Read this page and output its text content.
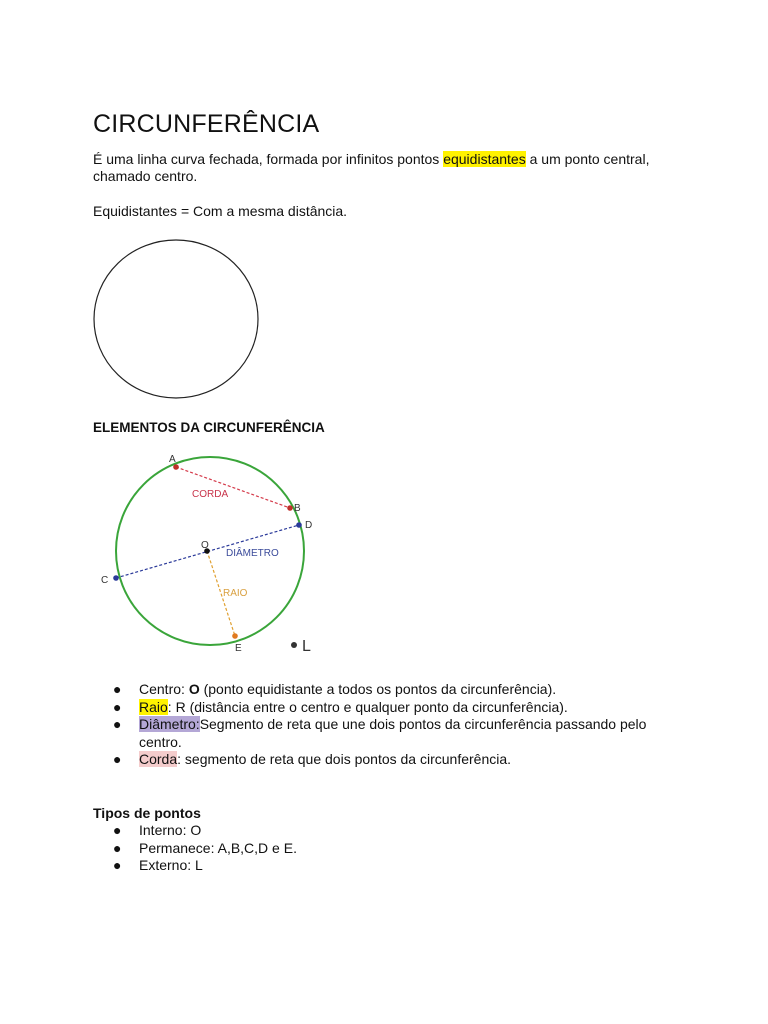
CIRCUNFERÊNCIA
É uma linha curva fechada, formada por infinitos pontos equidistantes a um ponto central, chamado centro.
Equidistantes = Com a mesma distância.
ELEMENTOS DA CIRCUNFERÊNCIA
A
B
D
C
O
E	L
CORDA
DIÂMETRO
RAIO
● Centro: O (ponto equidistante a todos os pontos da circunferência).
● Raio: R (distância entre o centro e qualquer ponto da circunferência).
● Diâmetro:Segmento de reta que une dois pontos da circunferência passando pelo centro.
● Corda: segmento de reta que dois pontos da circunferência.
Tipos de pontos
● Interno: O
● Permanece: A,B,C,D e E.
● Externo: L
